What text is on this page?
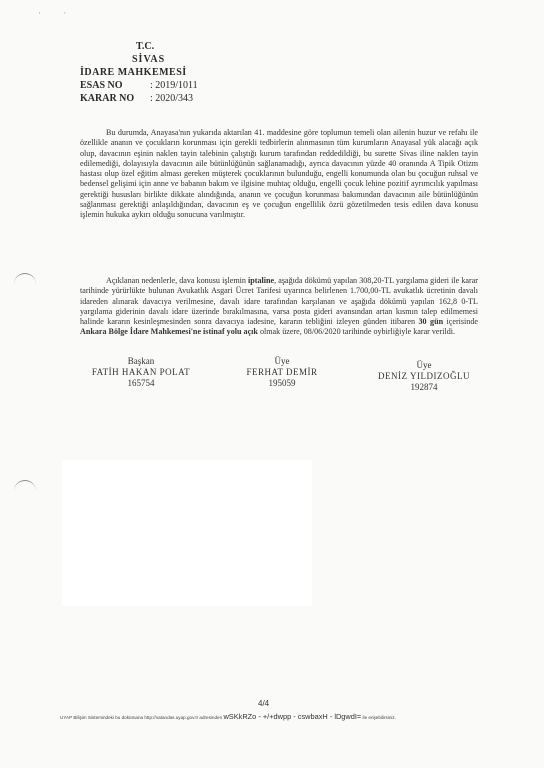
· ·
T.C.
SİVAS
İDARE MAHKEMESİ
ESAS NO	: 2019/1011
KARAR NO	: 2020/343

Bu durumda, Anayasa'nın yukarıda aktarılan 41. maddesine göre toplumun temeli olan ailenin huzur ve refahı ile özellikle ananın ve çocukların korunması için gerekli tedbirlerin alınmasının tüm kurumların Anayasal yük alacağı açık olup, davacının eşinin naklen tayin talebinin çalıştığı kurum tarafından reddedildiği, bu surette Sivas iline naklen tayin edilemediği, dolayısıyla davacının aile bütünlüğünün sağlanamadığı, ayrıca davacının yüzde 40 oranında A Tipik Otizm hastası olup özel eğitim alması gereken müşterek çocuklarının bulunduğu, engelli konumunda olan bu çocuğun ruhsal ve bedensel gelişimi için anne ve babanın bakım ve ilgisine muhtaç olduğu, engelli çocuk lehine pozitif ayrımcılık yapılması gerektiği hususları birlikte dikkate alındığında, ananın ve çocuğun korunması bakımından davacının aile bütünlüğünün sağlanması gerektiği anlaşıldığından, davacının eş ve çocuğun engellilik özrü gözetilmeden tesis edilen dava konusu işlemin hukuka aykırı olduğu sonucuna varılmıştır.

Açıklanan nedenlerle, dava konusu işlemin iptaline, aşağıda dökümü yapılan 308,20-TL yargılama gideri ile karar tarihinde yürürlükte bulunan Avukatlık Asgari Ücret Tarifesi uyarınca belirlenen 1.700,00-TL avukatlık ücretinin davalı idareden alınarak davacıya verilmesine, davalı idare tarafından karşılanan ve aşağıda dökümü yapılan 162,8 0-TL yargılama giderinin davalı idare üzerinde bırakılmasına, varsa posta gideri avansından artan kısmın talep edilmemesi halinde kararın kesinleşmesinden sonra davacıya iadesine, kararın tebliğini izleyen günden itibaren 30 gün içerisinde Ankara Bölge İdare Mahkemesi'ne istinaf yolu açık olmak üzere, 08/06/2020 tarihinde oybirliğiyle karar verildi.

Başkan
FATİH HAKAN POLAT
165754
Üye
FERHAT DEMİR
195059
Üye
DENİZ YILDIZOĞLU
192874
4/4
UYAP Bilişim Sistemindeki bu dokümana http://vatandas.uyap.gov.tr adresinden wSKkRZo - +/+dwpp - cswbaxH - lDgwdI= ile erişebilirsiniz.
